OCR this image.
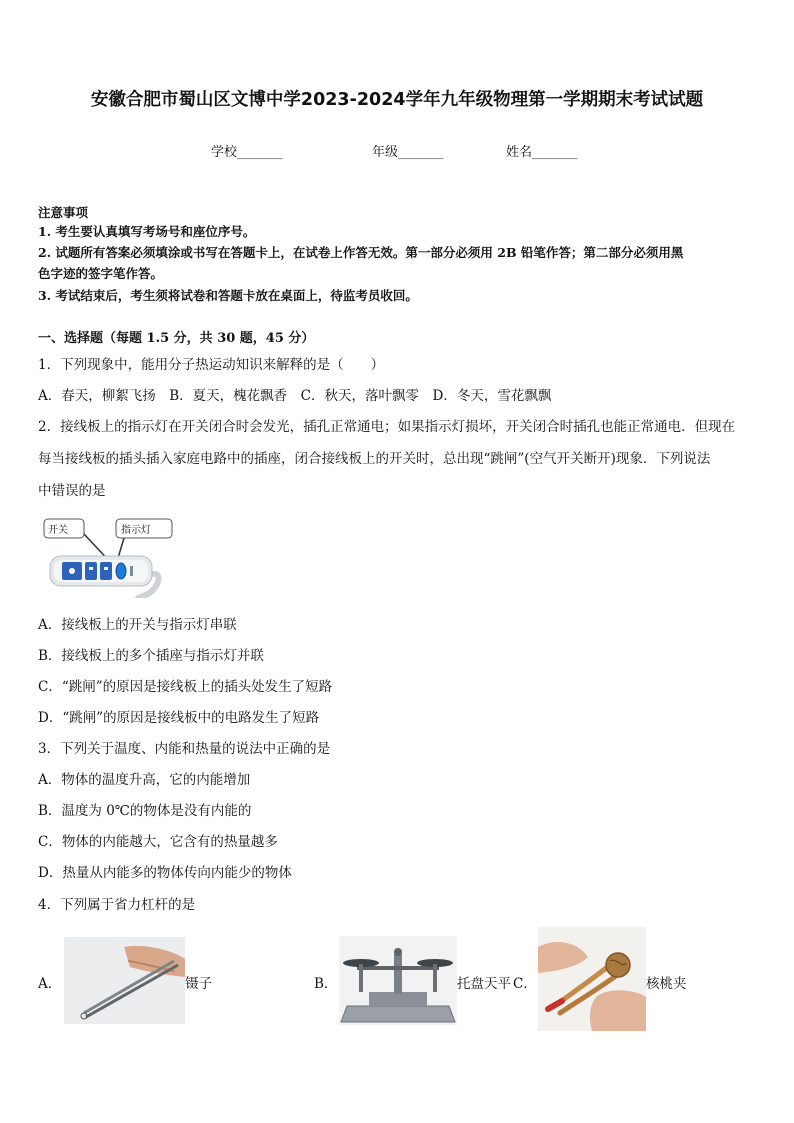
安徽合肥市蜀山区文博中学2023-2024学年九年级物理第一学期期末考试试题
学校_______	年级_______	姓名_______
注意事项
1. 考生要认真填写考场号和座位序号。
2. 试题所有答案必须填涂或书写在答题卡上，在试卷上作答无效。第一部分必须用 2B 铅笔作答；第二部分必须用黑
色字迹的签字笔作答。
3. 考试结束后，考生须将试卷和答题卡放在桌面上，待监考员收回。
一、选择题（每题 1.5 分，共 30 题，45 分）
1．下列现象中，能用分子热运动知识来解释的是（　　）
A．春天，柳絮飞扬　B．夏天，槐花飘香　C．秋天，落叶飘零　D．冬天，雪花飘飘
2．接线板上的指示灯在开关闭合时会发光，插孔正常通电；如果指示灯损坏，开关闭合时插孔也能正常通电．但现在
每当接线板的插头插入家庭电路中的插座，闭合接线板上的开关时，总出现“跳闸”(空气开关断开)现象．下列说法
中错误的是
开关	指示灯
A．接线板上的开关与指示灯串联
B．接线板上的多个插座与指示灯并联
C．“跳闸”的原因是接线板上的插头处发生了短路
D．“跳闸”的原因是接线板中的电路发生了短路
3．下列关于温度、内能和热量的说法中正确的是
A．物体的温度升高，它的内能增加
B．温度为 0℃的物体是没有内能的
C．物体的内能越大，它含有的热量越多
D．热量从内能多的物体传向内能少的物体
4．下列属于省力杠杆的是
A．	镊子	B．	托盘天平 C．	核桃夹
